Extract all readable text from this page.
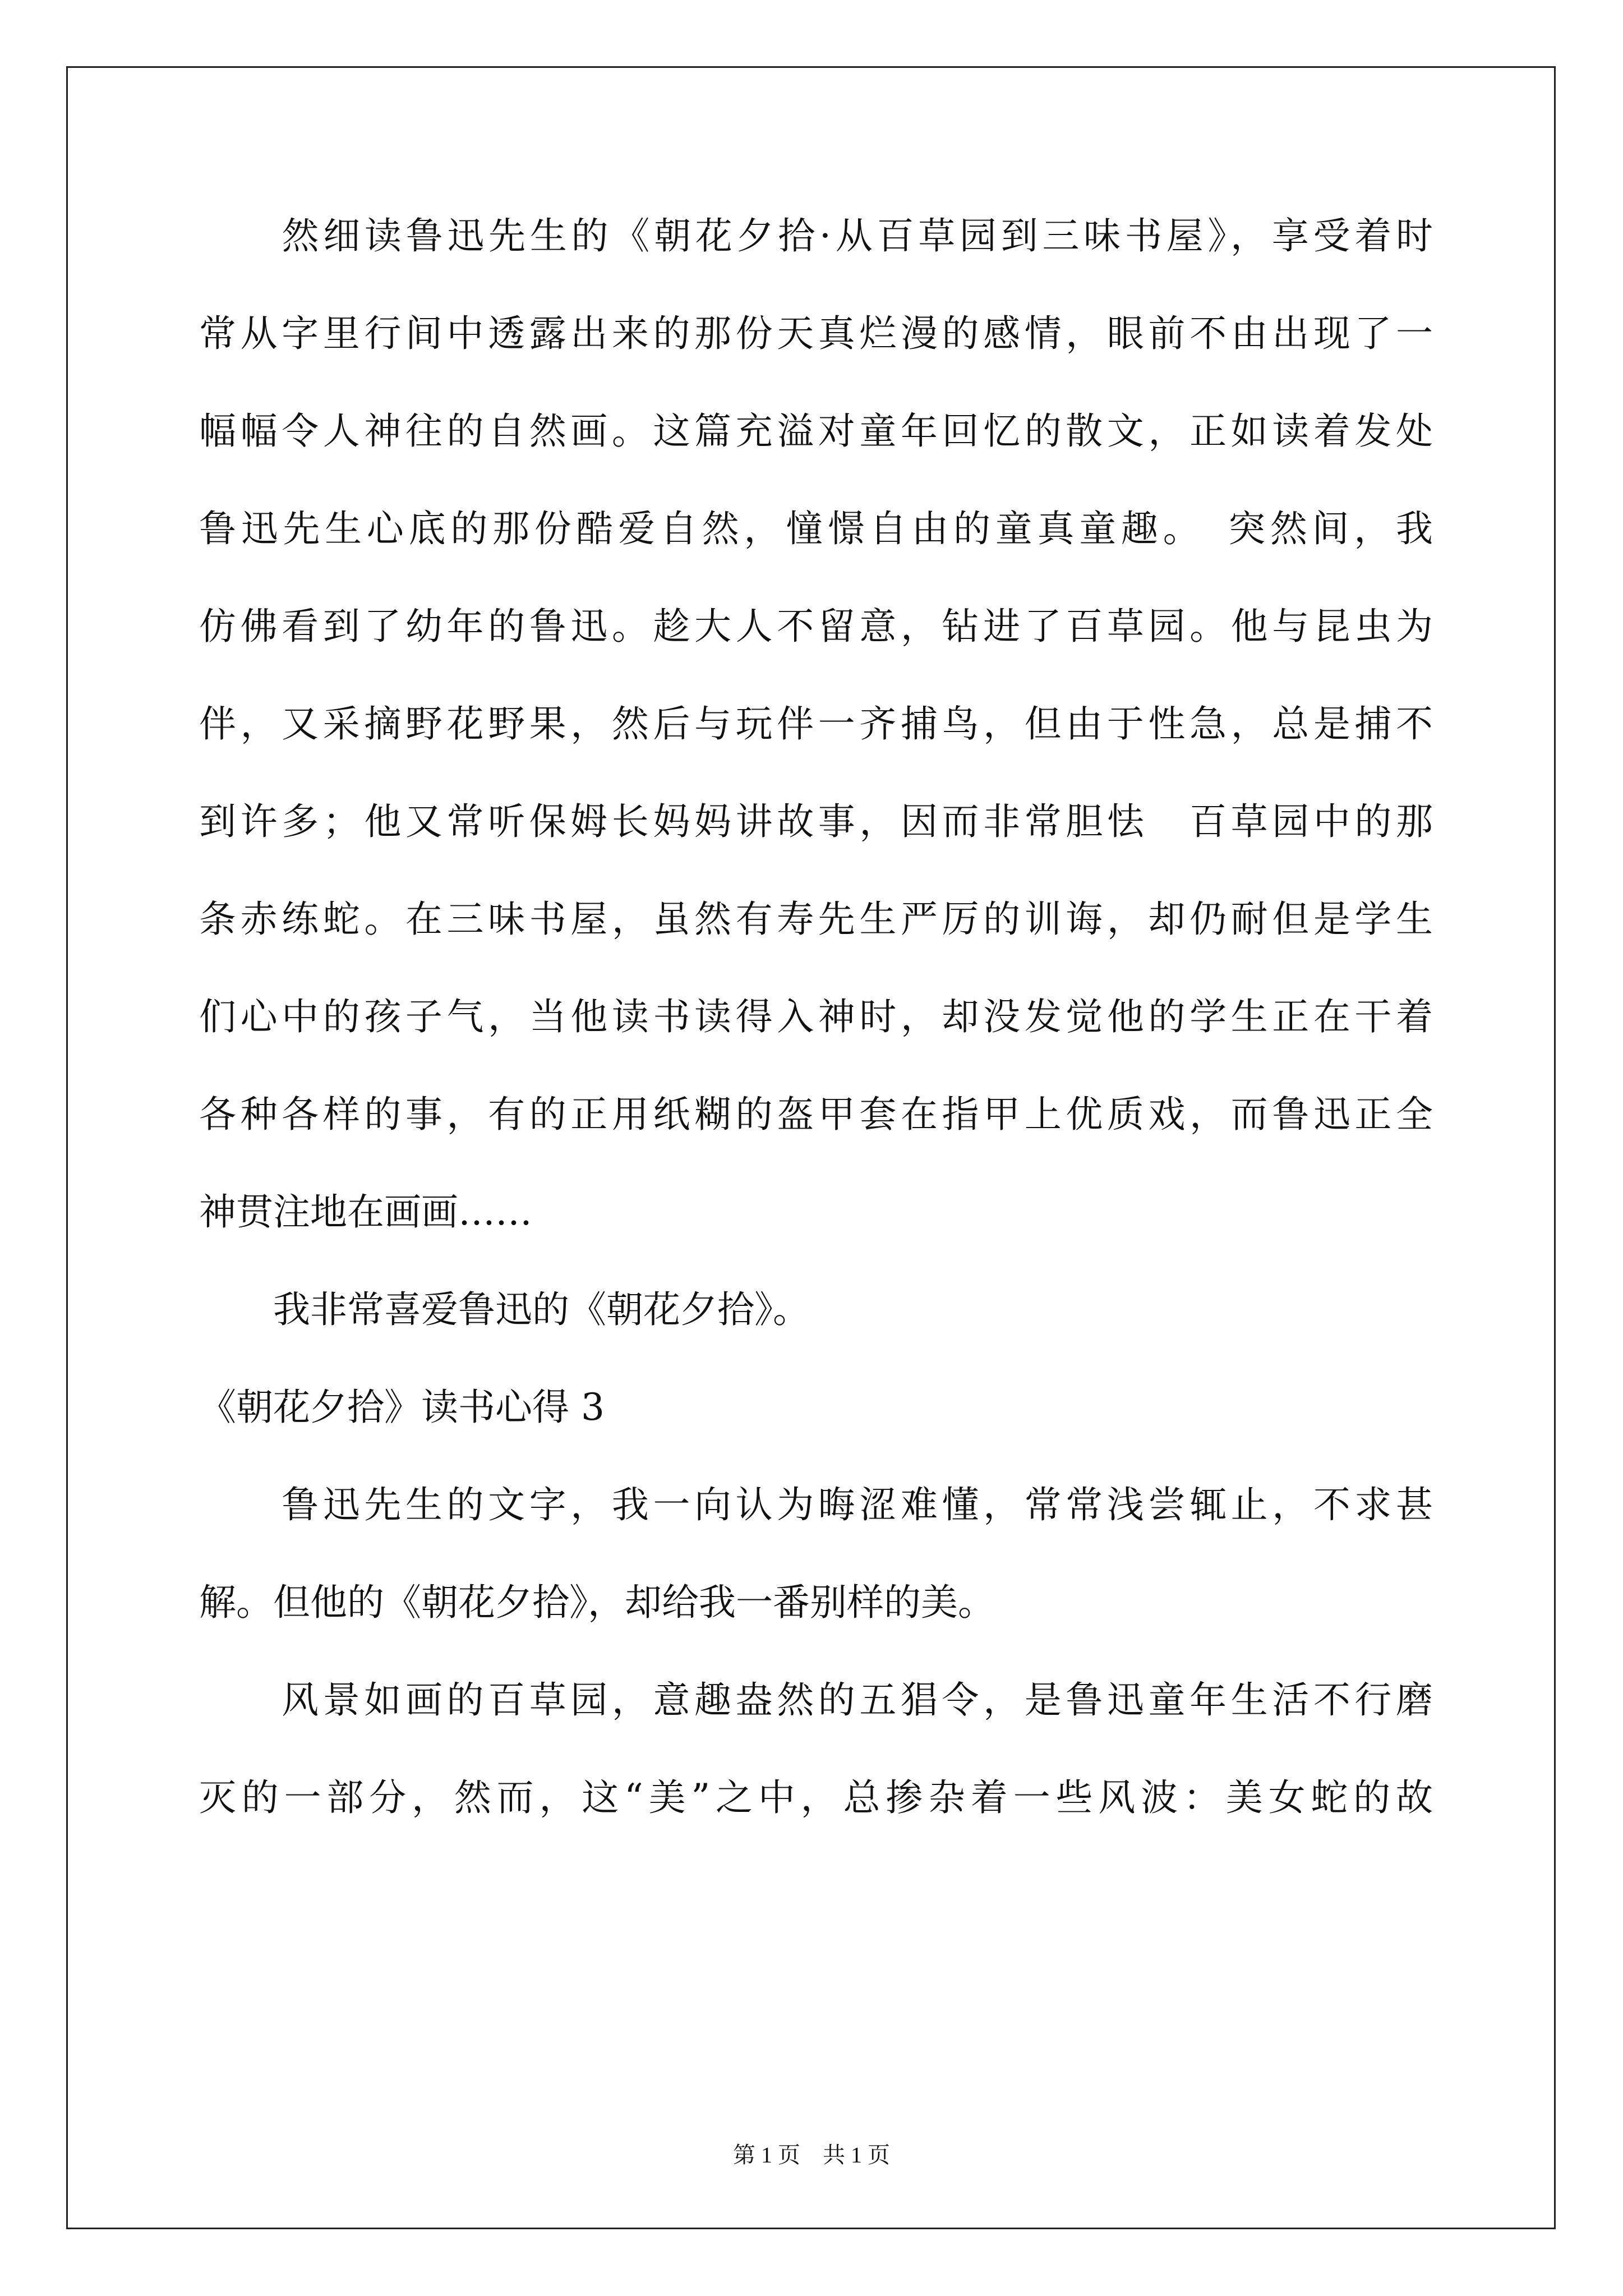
　　然细读鲁迅先生的《朝花夕拾·从百草园到三味书屋》，享受着时
常从字里行间中透露出来的那份天真烂漫的感情，眼前不由出现了一
幅幅令人神往的自然画。这篇充溢对童年回忆的散文，正如读着发处
鲁迅先生心底的那份酷爱自然，憧憬自由的童真童趣。　突然间，我
仿佛看到了幼年的鲁迅。趁大人不留意，钻进了百草园。他与昆虫为
伴，又采摘野花野果，然后与玩伴一齐捕鸟，但由于性急，总是捕不
到许多；他又常听保姆长妈妈讲故事，因而非常胆怯　百草园中的那
条赤练蛇。在三味书屋，虽然有寿先生严厉的训诲，却仍耐但是学生
们心中的孩子气，当他读书读得入神时，却没发觉他的学生正在干着
各种各样的事，有的正用纸糊的盔甲套在指甲上优质戏，而鲁迅正全
神贯注地在画画……
　　我非常喜爱鲁迅的《朝花夕拾》。
《朝花夕拾》读书心得 3
　　鲁迅先生的文字，我一向认为晦涩难懂，常常浅尝辄止，不求甚
解。但他的《朝花夕拾》，却给我一番别样的美。
　　风景如画的百草园，意趣盎然的五猖令，是鲁迅童年生活不行磨
灭的一部分，然而，这“美”之中，总掺杂着一些风波：美女蛇的故
第 1 页　共 1 页
